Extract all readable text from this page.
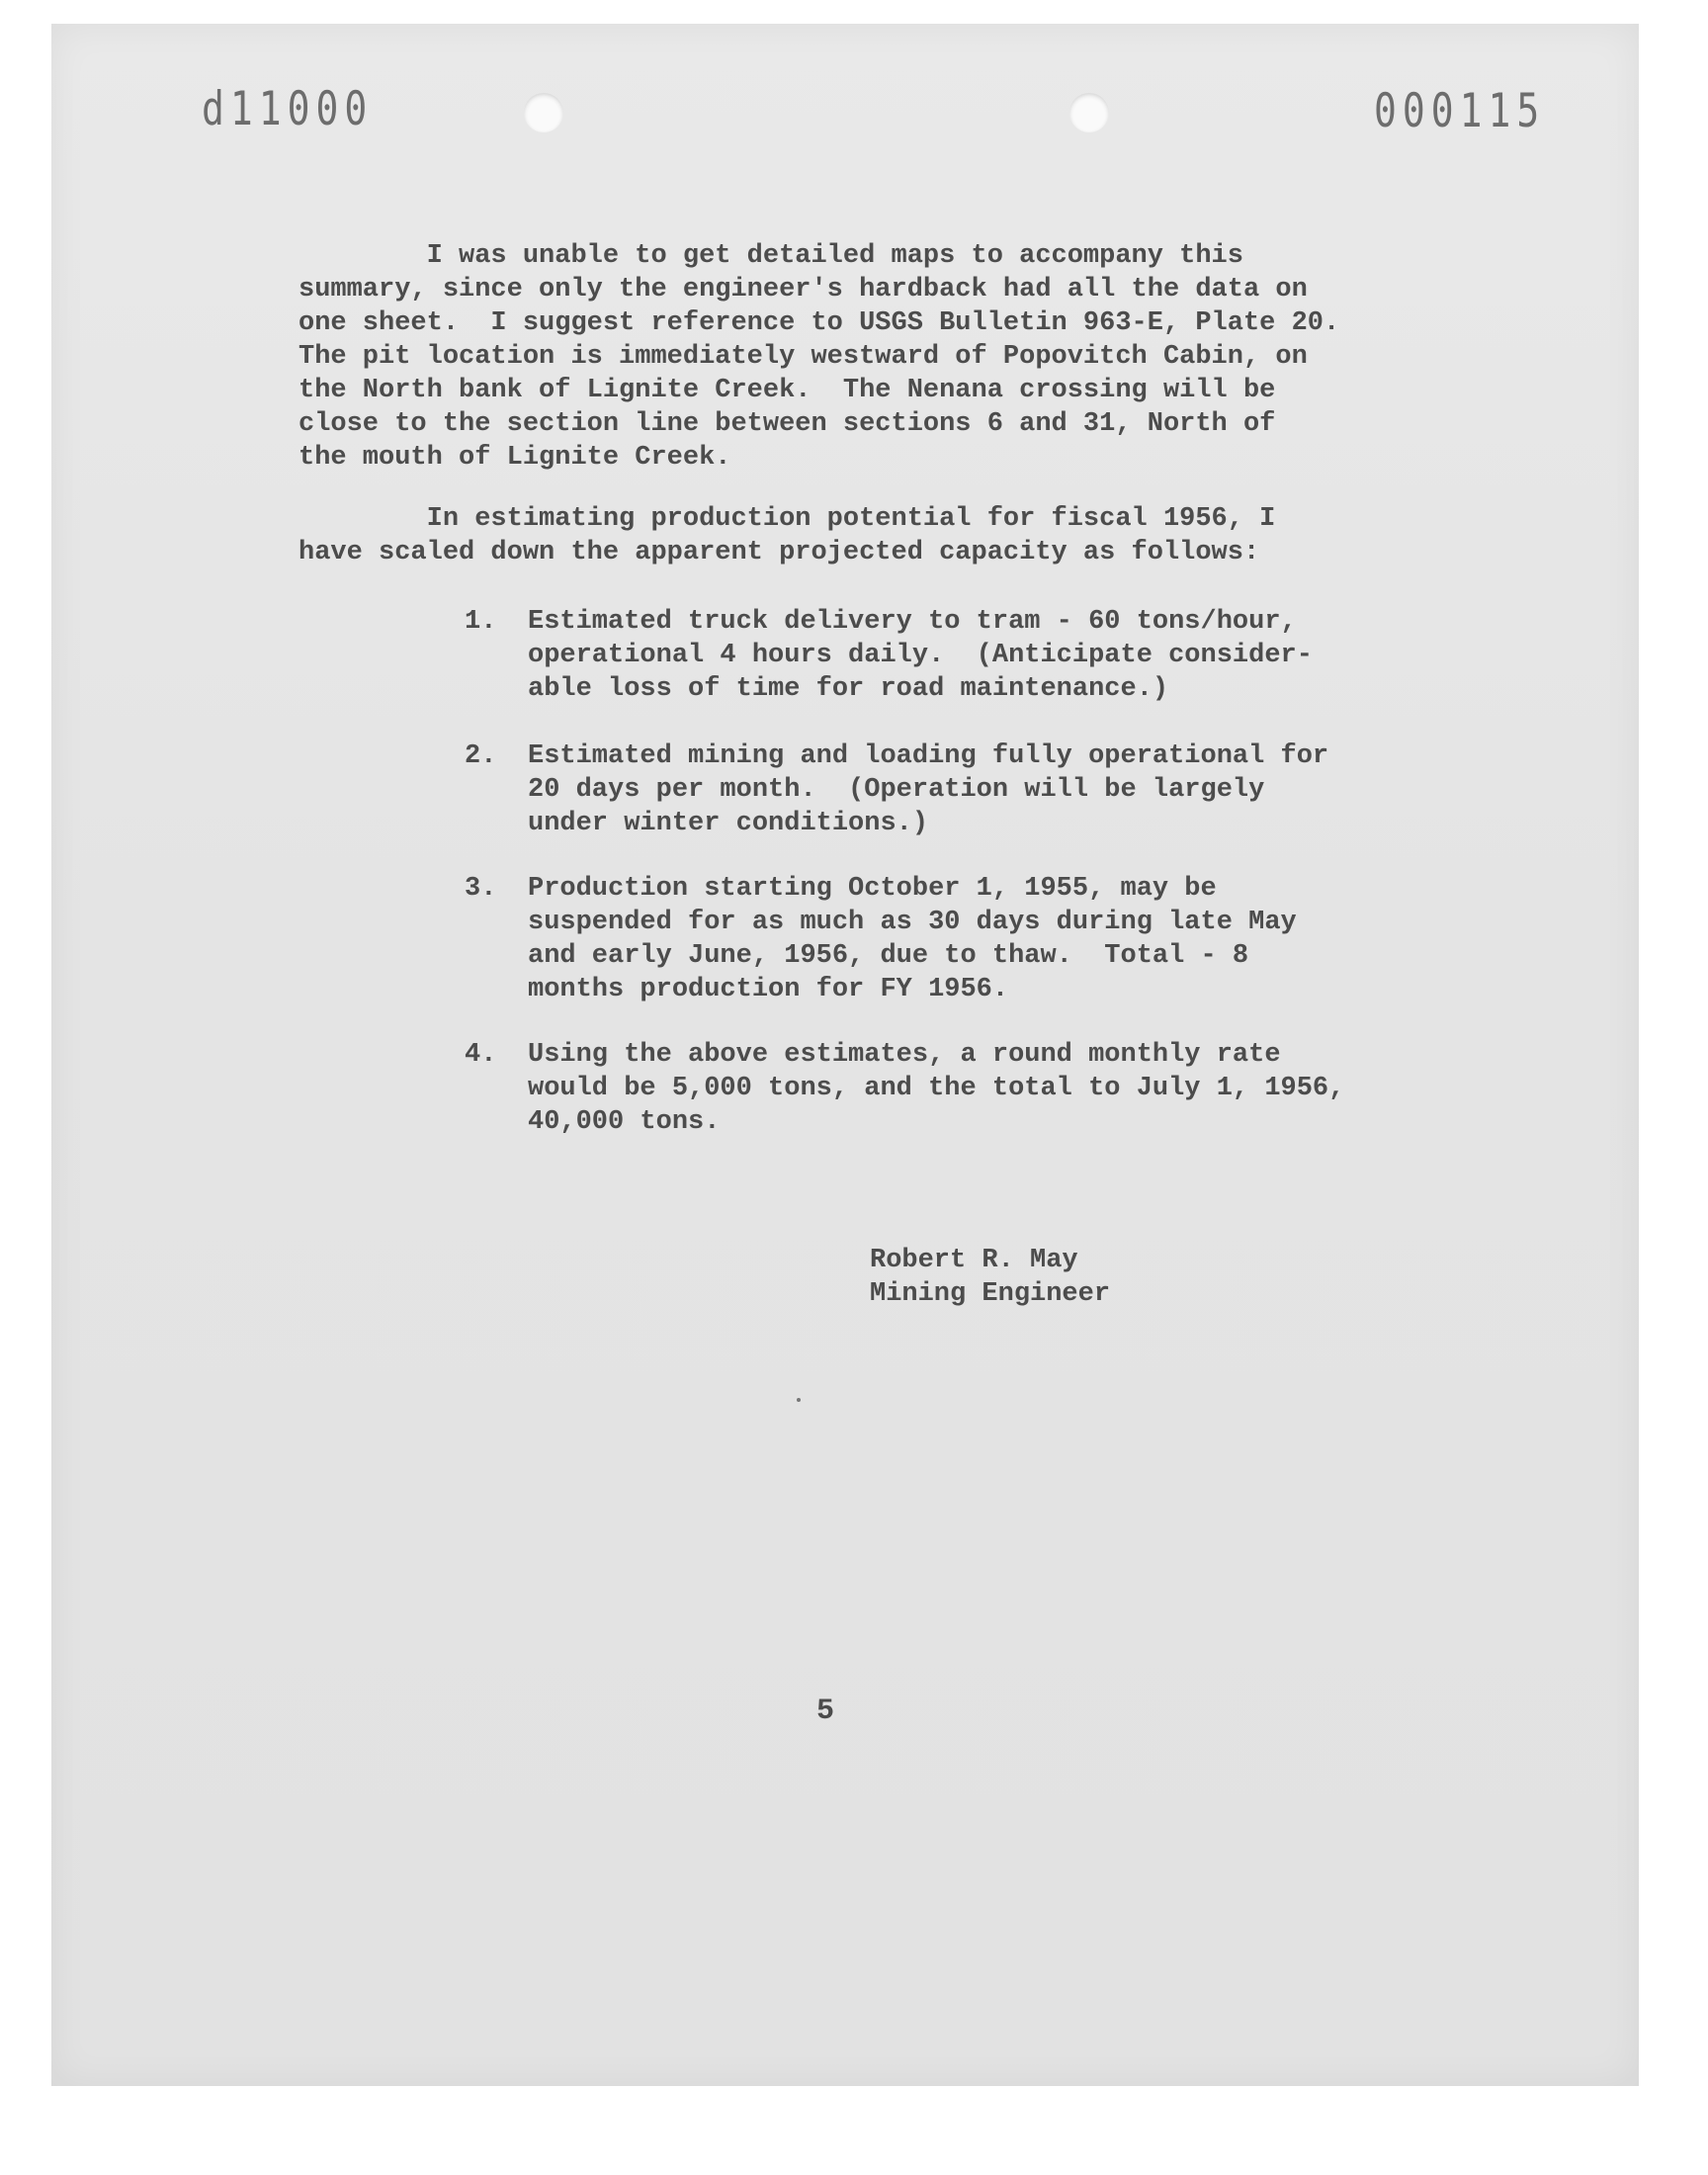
d11000	000115
I was unable to get detailed maps to accompany this
summary, since only the engineer's hardback had all the data on
one sheet.  I suggest reference to USGS Bulletin 963-E, Plate 20.
The pit location is immediately westward of Popovitch Cabin, on
the North bank of Lignite Creek.  The Nenana crossing will be
close to the section line between sections 6 and 31, North of
the mouth of Lignite Creek.
In estimating production potential for fiscal 1956, I
have scaled down the apparent projected capacity as follows:
1. Estimated truck delivery to tram - 60 tons/hour,
operational 4 hours daily.  (Anticipate consider-
able loss of time for road maintenance.)
2. Estimated mining and loading fully operational for
20 days per month.  (Operation will be largely
under winter conditions.)
3. Production starting October 1, 1955, may be
suspended for as much as 30 days during late May
and early June, 1956, due to thaw.  Total - 8
months production for FY 1956.
4. Using the above estimates, a round monthly rate
would be 5,000 tons, and the total to July 1, 1956,
40,000 tons.
Robert R. May
Mining Engineer
5
